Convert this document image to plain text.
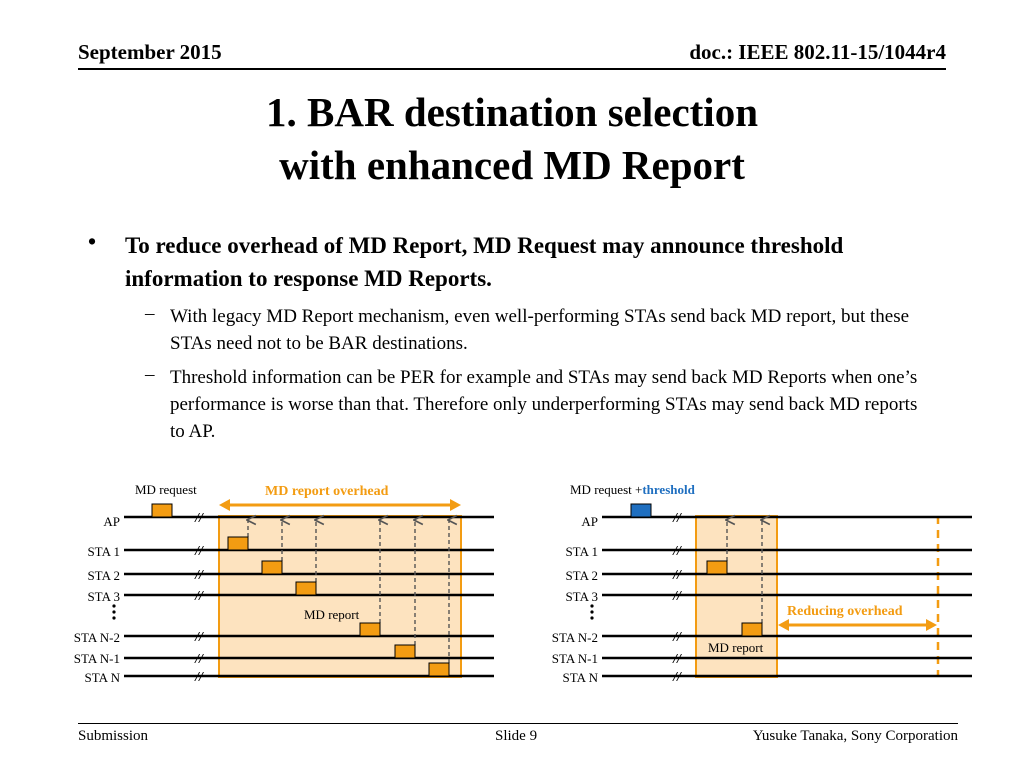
September 2015	doc.: IEEE 802.11-15/1044r4
1. BAR destination selection
with enhanced MD Report
• To reduce overhead of MD Report, MD Request may announce threshold information to response MD Reports.
– With legacy MD Report mechanism, even well-performing STAs send back MD report, but these STAs need not to be BAR destinations.
– Threshold information can be PER for example and STAs may send back MD Reports when one’s performance is worse than that. Therefore only underperforming STAs may send back MD reports to AP.
MD request	MD report overhead
//
//
//
//
//
//
//
AP
STA 1
STA 2
STA 3
STA N-2
STA N-1
STA N
MD report
MD request +threshold
//
//
//
//
//
//
//
AP
STA 1
STA 2
STA 3
STA N-2
STA N-1
STA N
MD report
Reducing overhead
Submission	Slide 9	Yusuke Tanaka, Sony Corporation
